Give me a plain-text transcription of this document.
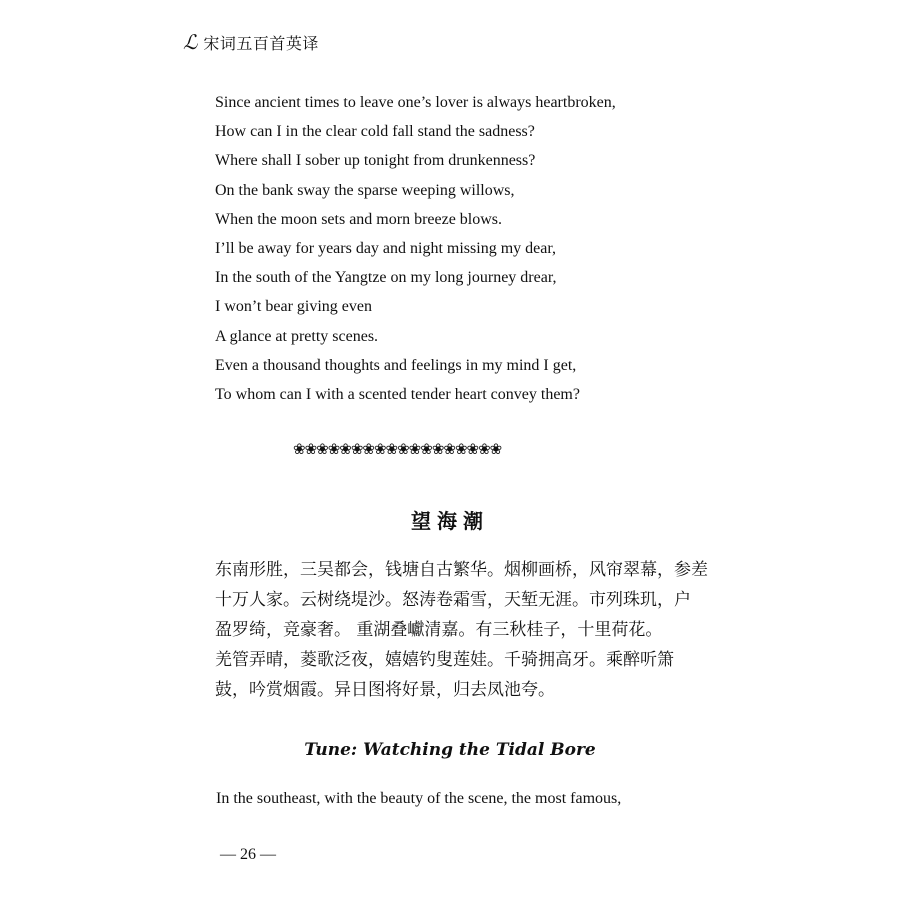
ℒ 宋词五百首英译
Since ancient times to leave one’s lover is always heartbroken,
How can I in the clear cold fall stand the sadness?
Where shall I sober up tonight from drunkenness?
On the bank sway the sparse weeping willows,
When the moon sets and morn breeze blows.
I’ll be away for years day and night missing my dear,
In the south of the Yangtze on my long journey drear,
I won’t bear giving even
A glance at pretty scenes.
Even a thousand thoughts and feelings in my mind I get,
To whom can I with a scented tender heart convey them?
❀❀❀❀❀❀❀❀❀❀❀❀❀❀❀❀❀❀
望海潮
东南形胜，三吴都会，钱塘自古繁华。烟柳画桥，风帘翠幕，参差
十万人家。云树绕堤沙。怒涛卷霜雪，天堑无涯。市列珠玑，户
盈罗绮，竞豪奢。 重湖叠巘清嘉。有三秋桂子，十里荷花。
羌管弄晴，菱歌泛夜，嬉嬉钓叟莲娃。千骑拥高牙。乘醉听箫
鼓，吟赏烟霞。异日图将好景，归去凤池夸。
Tune: Watching the Tidal Bore
In the southeast, with the beauty of the scene, the most famous,
— 26 —
